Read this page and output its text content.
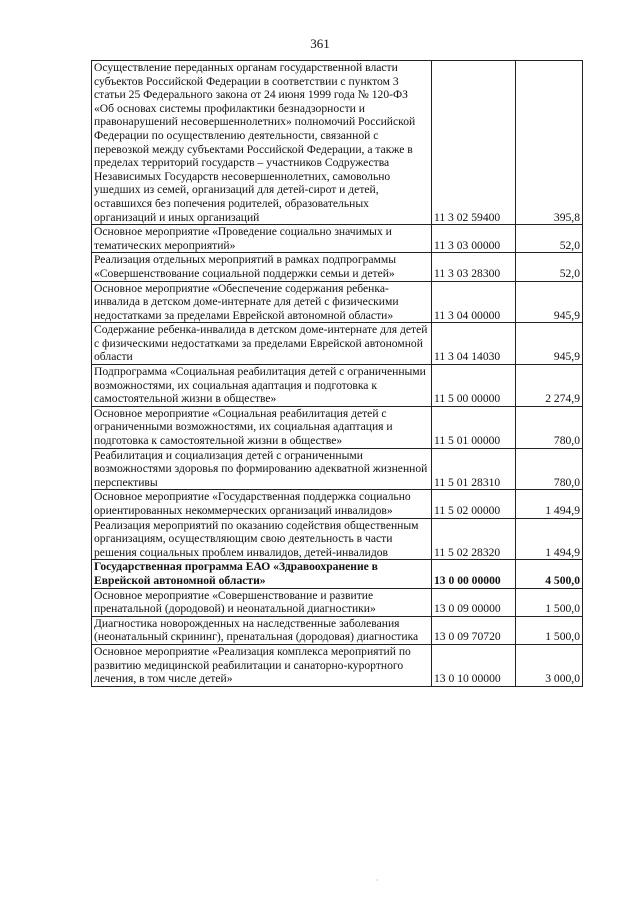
361
Осуществление переданных органам государственной власти субъектов Российской Федерации в соответствии с пунктом 3 статьи 25 Федерального закона от 24 июня 1999 года № 120-ФЗ «Об основах системы профилактики безнадзорности и правонарушений несовершеннолетних» полномочий Российской Федерации по осуществлению деятельности, связанной с перевозкой между субъектами Российской Федерации, а также в пределах территорий государств – участников Содружества Независимых Государств несовершеннолетних, самовольно ушедших из семей, организаций для детей-сирот и детей, оставшихся без попечения родителей, образовательных организаций и иных организаций	11 3 02 59400	395,8
Основное мероприятие «Проведение социально значимых и тематических мероприятий»	11 3 03 00000	52,0
Реализация отдельных мероприятий в рамках подпрограммы «Совершенствование социальной поддержки семьи и детей»	11 3 03 28300	52,0
Основное мероприятие «Обеспечение содержания ребенка-инвалида в детском доме-интернате для детей с физическими недостатками за пределами Еврейской автономной области»	11 3 04 00000	945,9
Содержание ребенка-инвалида в детском доме-интернате для детей с физическими недостатками за пределами Еврейской автономной области	11 3 04 14030	945,9
Подпрограмма «Социальная реабилитация детей с ограниченными возможностями, их социальная адаптация и подготовка к самостоятельной жизни в обществе»	11 5 00 00000	2 274,9
Основное мероприятие «Социальная реабилитация детей с ограниченными возможностями, их социальная адаптация и подготовка к самостоятельной жизни в обществе»	11 5 01 00000	780,0
Реабилитация и социализация детей с ограниченными возможностями здоровья по формированию адекватной жизненной перспективы	11 5 01 28310	780,0
Основное мероприятие «Государственная поддержка социально ориентированных некоммерческих организаций инвалидов»	11 5 02 00000	1 494,9
Реализация мероприятий по оказанию содействия общественным организациям, осуществляющим свою деятельность в части решения социальных проблем инвалидов, детей-инвалидов	11 5 02 28320	1 494,9
Государственная программа ЕАО «Здравоохранение в Еврейской автономной области»	13 0 00 00000	4 500,0
Основное мероприятие «Совершенствование и развитие пренатальной (дородовой) и неонатальной диагностики»	13 0 09 00000	1 500,0
Диагностика новорожденных на наследственные заболевания (неонатальный скрининг), пренатальная (дородовая) диагностика	13 0 09 70720	1 500,0
Основное мероприятие «Реализация комплекса мероприятий по развитию медицинской реабилитации и санаторно-курортного лечения, в том числе детей»	13 0 10 00000	3 000,0
·
